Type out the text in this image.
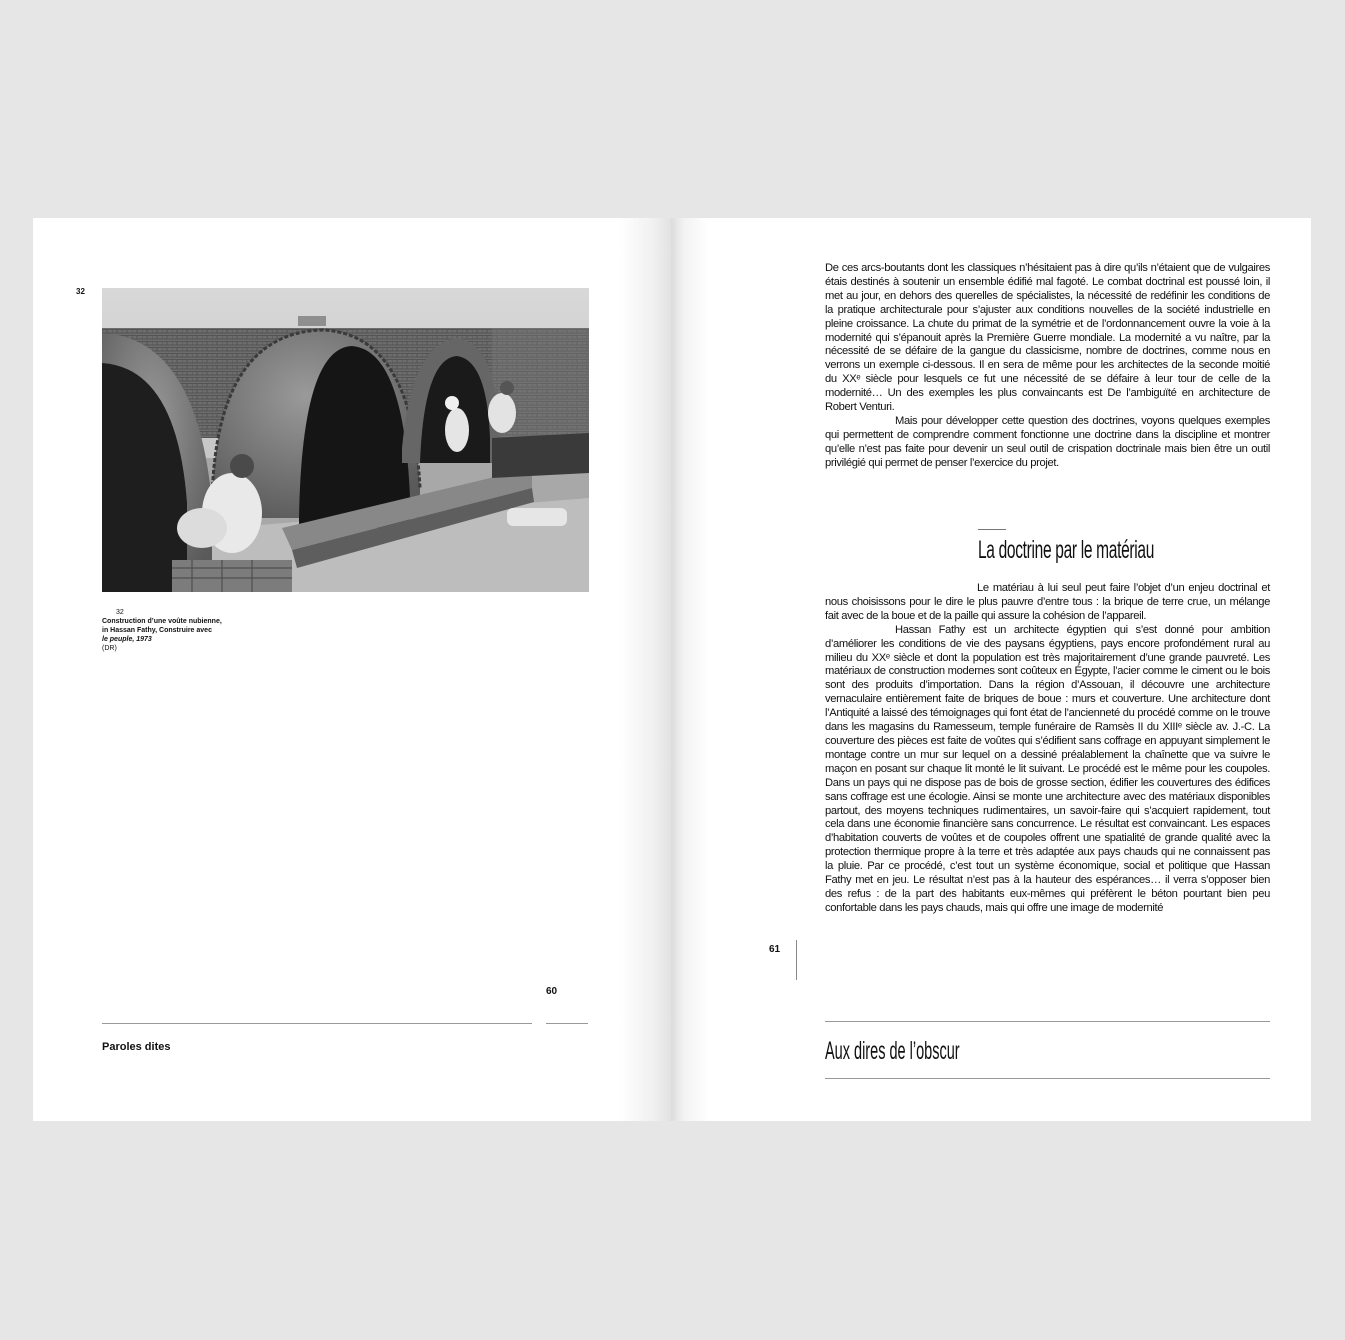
32
32
Construction d’une voûte nubienne,
in Hassan Fathy, Construire avec
le peuple, 1973
(DR)
60
Paroles dites

De ces arcs-boutants dont les classiques n’hésitaient pas à dire qu’ils n’étaient que de vulgaires étais destinés à soutenir un ensemble édifié mal fagoté. Le combat doctrinal est poussé loin, il met au jour, en dehors des querelles de spécialistes, la nécessité de redéfinir les conditions de la pratique architecturale pour s’ajuster aux conditions nouvelles de la société industrielle en pleine croissance. La chute du primat de la symétrie et de l’ordonnancement ouvre la voie à la modernité qui s’épanouit après la Première Guerre mondiale. La modernité a vu naître, par la nécessité de se défaire de la gangue du classicisme, nombre de doctrines, comme nous en verrons un exemple ci-dessous. Il en sera de même pour les architectes de la seconde moitié du XXᵉ siècle pour lesquels ce fut une nécessité de se défaire à leur tour de celle de la modernité… Un des exemples les plus convaincants est De l’ambiguïté en architecture de Robert Venturi.

Mais pour développer cette question des doctrines, voyons quelques exemples qui permettent de comprendre comment fonctionne une doctrine dans la discipline et montrer qu’elle n’est pas faite pour devenir un seul outil de crispation doctrinale mais bien être un outil privilégié qui permet de penser l’exercice du projet.

La doctrine par le matériau

Le matériau à lui seul peut faire l’objet d’un enjeu doctrinal et nous choisissons pour le dire le plus pauvre d’entre tous : la brique de terre crue, un mélange fait avec de la boue et de la paille qui assure la cohésion de l’appareil.

Hassan Fathy est un architecte égyptien qui s’est donné pour ambition d’améliorer les conditions de vie des paysans égyptiens, pays encore profondément rural au milieu du XXᵉ siècle et dont la population est très majoritairement d’une grande pauvreté. Les matériaux de construction modernes sont coûteux en Égypte, l’acier comme le ciment ou le bois sont des produits d’importation. Dans la région d’Assouan, il découvre une architecture vernaculaire entièrement faite de briques de boue : murs et couverture. Une architecture dont l’Antiquité a laissé des témoignages qui font état de l’ancienneté du procédé comme on le trouve dans les magasins du Ramesseum, temple funéraire de Ramsès II du XIIIᵉ siècle av. J.-C. La couverture des pièces est faite de voûtes qui s’édifient sans coffrage en appuyant simplement le montage contre un mur sur lequel on a dessiné préalablement la chaînette que va suivre le maçon en posant sur chaque lit monté le lit suivant. Le procédé est le même pour les coupoles. Dans un pays qui ne dispose pas de bois de grosse section, édifier les couvertures des édifices sans coffrage est une écologie. Ainsi se monte une architecture avec des matériaux disponibles partout, des moyens techniques rudimentaires, un savoir-faire qui s’acquiert rapidement, tout cela dans une économie financière sans concurrence. Le résultat est convaincant. Les espaces d’habitation couverts de voûtes et de coupoles offrent une spatialité de grande qualité avec la protection thermique propre à la terre et très adaptée aux pays chauds qui ne connaissent pas la pluie. Par ce procédé, c’est tout un système économique, social et politique que Hassan Fathy met en jeu. Le résultat n’est pas à la hauteur des espérances… il verra s’opposer bien des refus : de la part des habitants eux-mêmes qui préfèrent le béton pourtant bien peu confortable dans les pays chauds, mais qui offre une image de modernité

61
Aux dires de l’obscur
